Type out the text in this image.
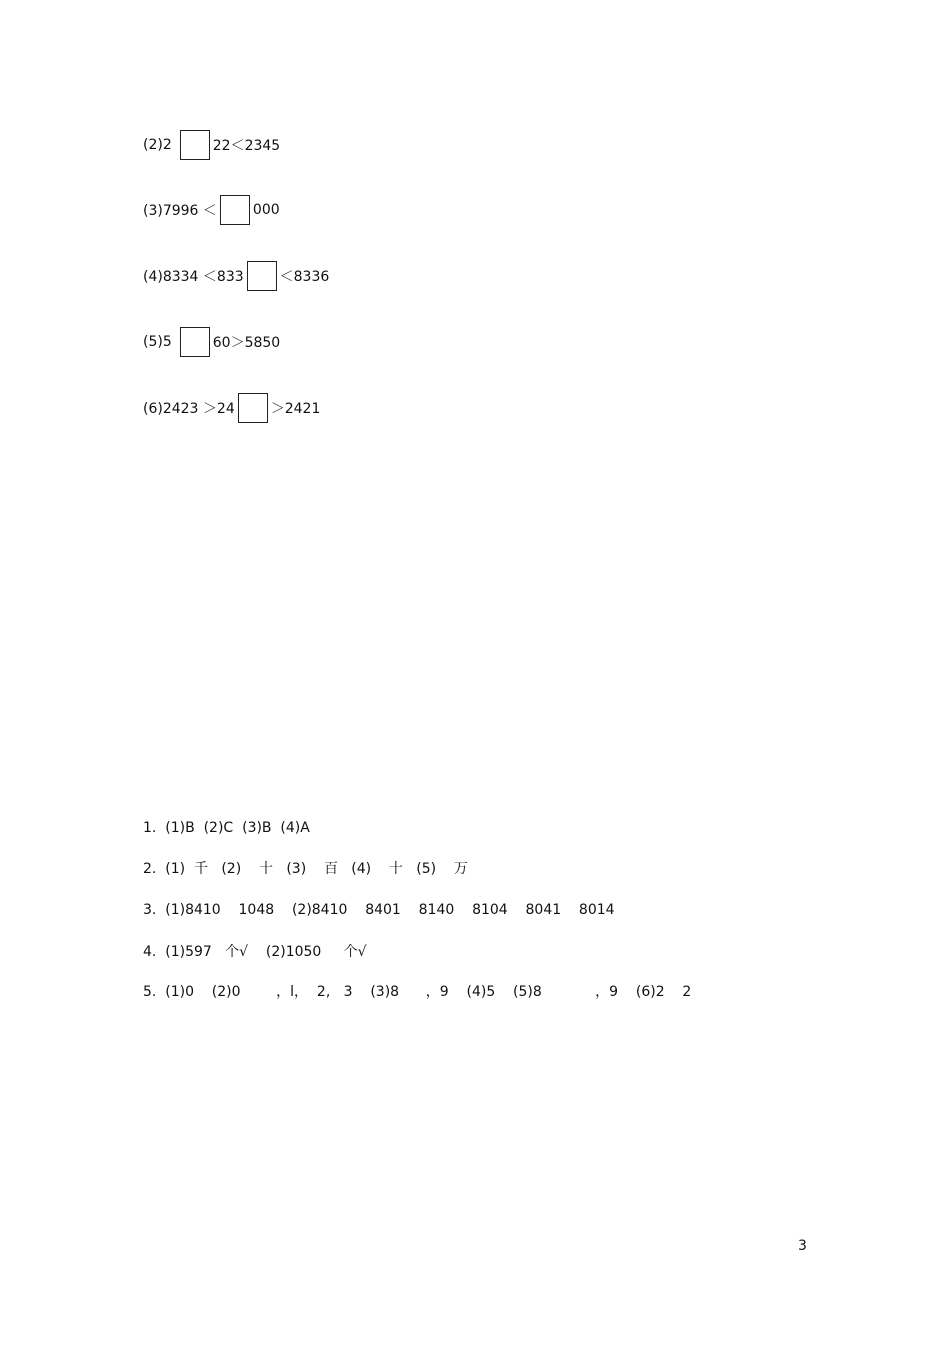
(2)2	22＜2345
(3)7996 ＜	000
(4)8334 ＜833	＜8336
(5)5	60＞5850
(6)2423 ＞24	＞2421
1.  (1)B  (2)C  (3)B  (4)A
2.  (1)  千   (2)    十   (3)    百   (4)    十   (5)    万
3.  (1)8410    1048    (2)8410    8401    8140    8104    8041    8014
4.  (1)597   个√    (2)1050     个√
5.  (1)0    (2)0        ，l，  2,   3    (3)8      ，9    (4)5    (5)8            ，9    (6)2    2
3
